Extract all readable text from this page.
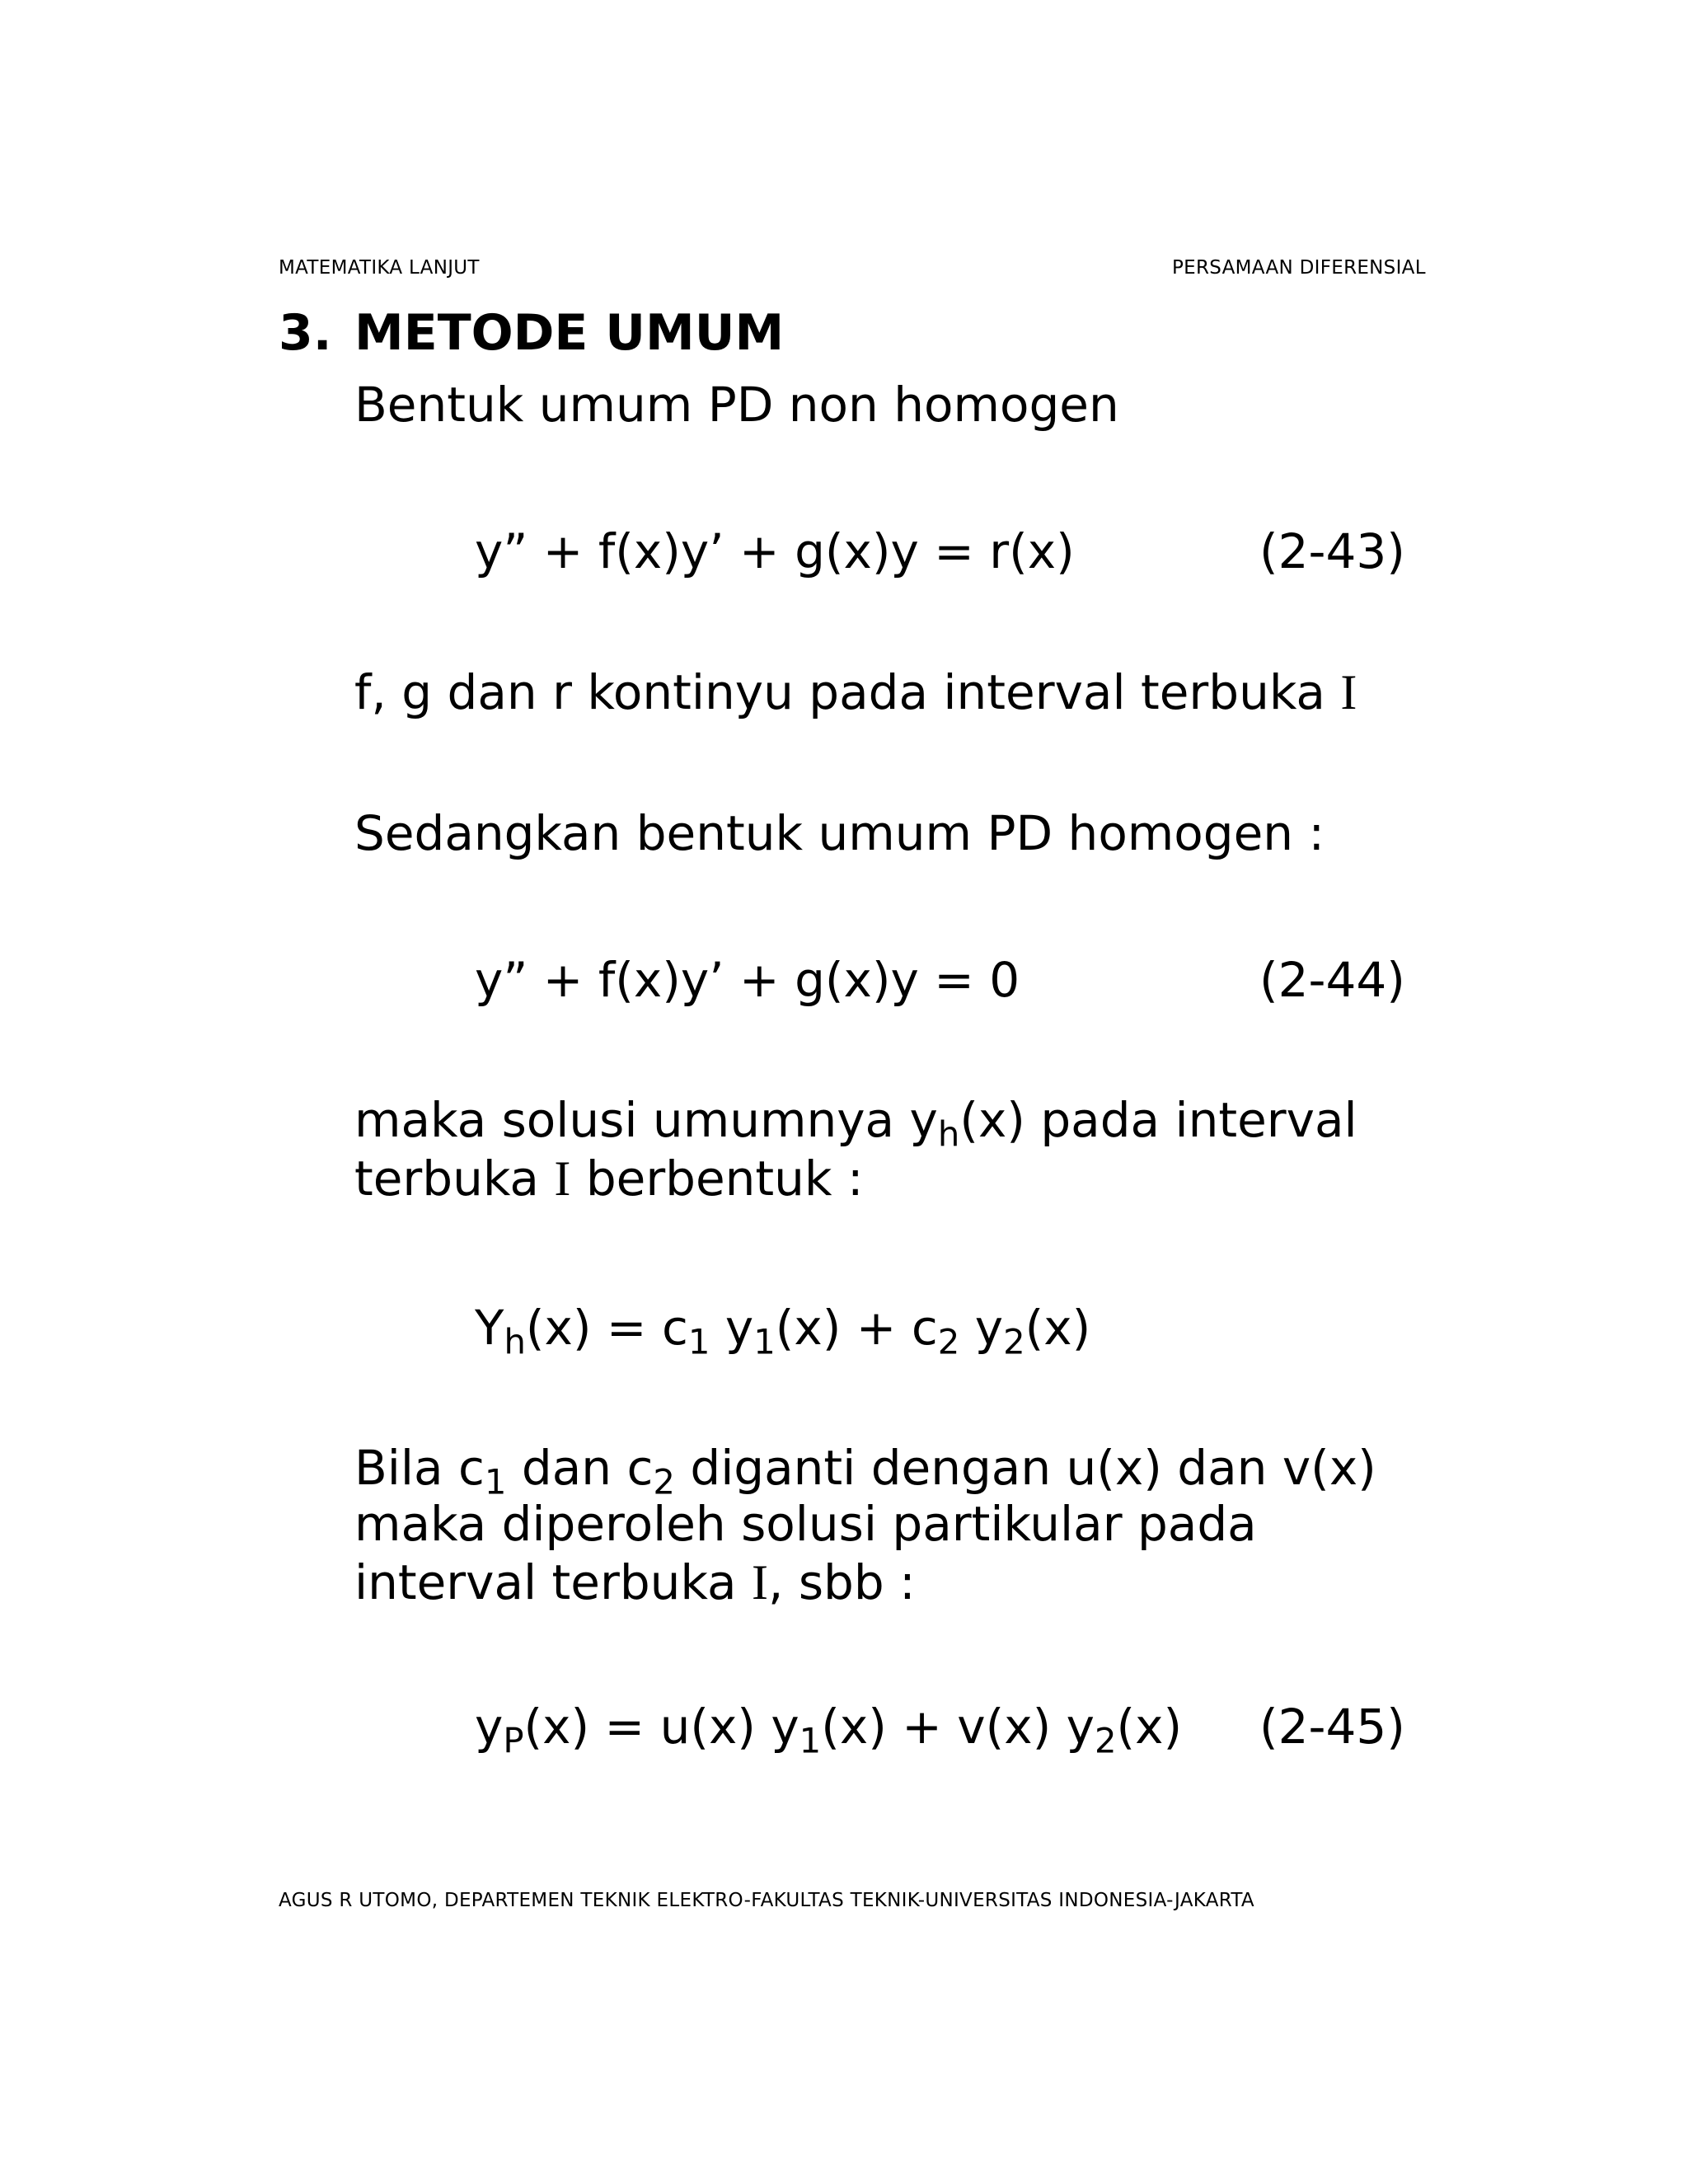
MATEMATIKA LANJUT	PERSAMAAN DIFERENSIAL
3. METODE UMUM
Bentuk umum PD non homogen
y” + f(x)y’ + g(x)y = r(x)	(2-43)
f, g dan r kontinyu pada interval terbuka I
Sedangkan bentuk umum PD homogen :
y” + f(x)y’ + g(x)y = 0	(2-44)
maka solusi umumnya $y_h(x)$ pada interval
terbuka I berbentuk :
$Y_h(x) = c_1$ $y_1(x) + c_2$ $y_2(x)$
Bila $c_1$ dan $c_2$ diganti dengan u(x) dan v(x)
maka diperoleh solusi partikular pada
interval terbuka I, sbb :
$y_P(x) = u(x) y_1(x) + v(x)$ $y_2(x)$ (2-45)
AGUS R UTOMO, DEPARTEMEN TEKNIK ELEKTRO-FAKULTAS TEKNIK-UNIVERSITAS INDONESIA-JAKARTA
